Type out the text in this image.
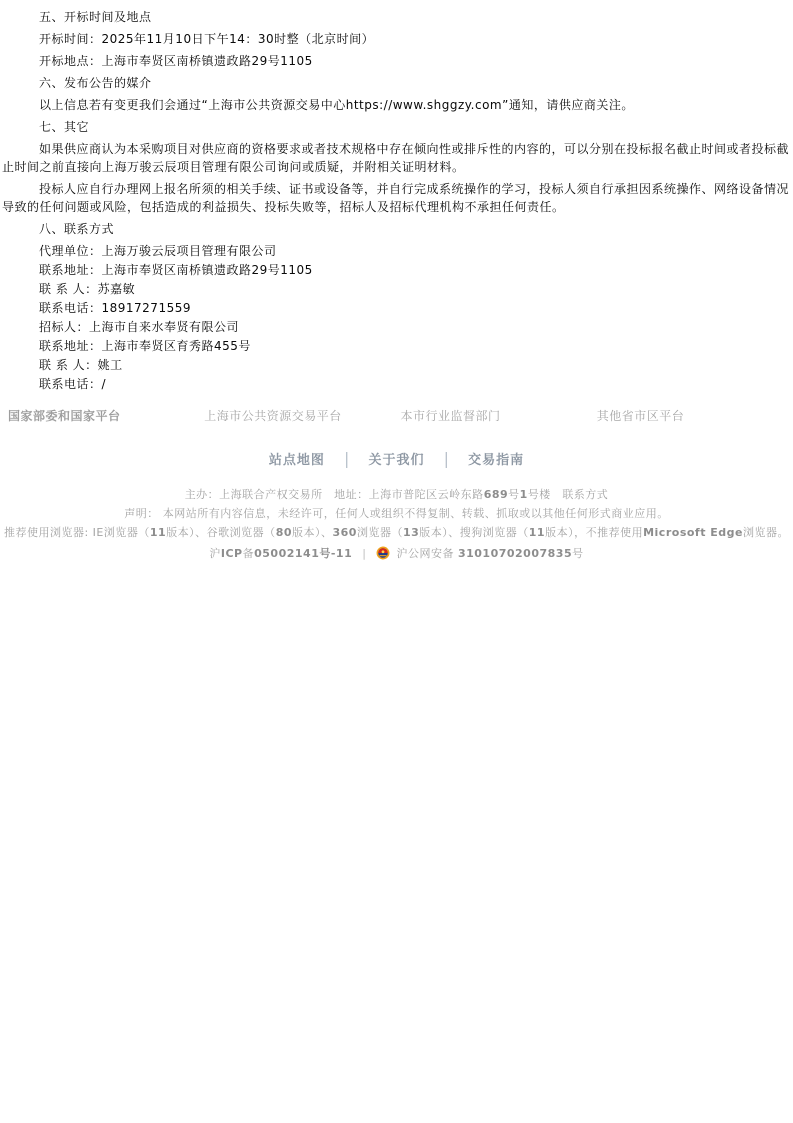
五、开标时间及地点

开标时间：2025年11月10日下午14：30时整（北京时间）

开标地点：上海市奉贤区南桥镇遗政路29号1105

六、发布公告的媒介

以上信息若有变更我们会通过“上海市公共资源交易中心https://www.shggzy.com”通知，请供应商关注。

七、其它

如果供应商认为本采购项目对供应商的资格要求或者技术规格中存在倾向性或排斥性的内容的，可以分别在投标报名截止时间或者投标截止时间之前直接向上海万骏云辰项目管理有限公司询问或质疑，并附相关证明材料。

投标人应自行办理网上报名所须的相关手续、证书或设备等，并自行完成系统操作的学习，投标人须自行承担因系统操作、网络设备情况导致的任何问题或风险，包括造成的利益损失、投标失败等，招标人及招标代理机构不承担任何责任。

八、联系方式

代理单位：上海万骏云辰项目管理有限公司

联系地址：上海市奉贤区南桥镇遗政路29号1105

联 系 人：苏嘉敏

联系电话：18917271559

招标人：上海市自来水奉贤有限公司

联系地址：上海市奉贤区育秀路455号

联 系 人：姚工

联系电话：/

国家部委和国家平台	上海市公共资源交易平台	本市行业监督部门	其他省市区平台
站点地图 | 关于我们 | 交易指南

主办：上海联合产权交易所　地址：上海市普陀区云岭东路689号1号楼　联系方式

声明： 本网站所有内容信息，未经许可，任何人或组织不得复制、转载、抓取或以其他任何形式商业应用。

推荐使用浏览器: IE浏览器（11版本）、谷歌浏览器（80版本）、360浏览器（13版本）、搜狗浏览器（11版本），不推荐使用Microsoft Edge浏览器。

沪ICP备05002141号-11 |	沪公网安备 31010702007835号
